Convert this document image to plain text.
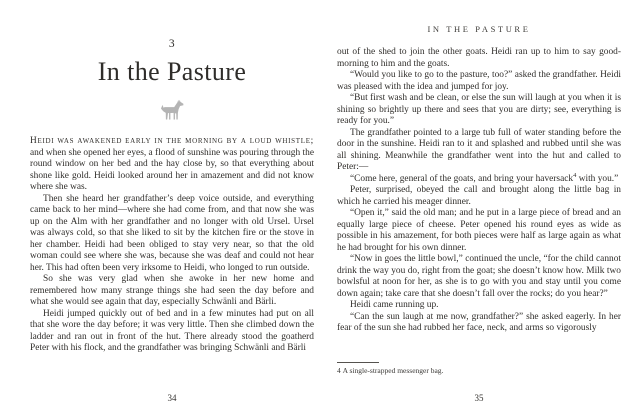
3
In the Pasture

Heidi was awakened early in the morning by a loud whistle; and when she opened her eyes, a flood of sunshine was pouring through the round window on her bed and the hay close by, so that everything about shone like gold. Heidi looked around her in amazement and did not know where she was.

Then she heard her grandfather’s deep voice outside, and everything came back to her mind—where she had come from, and that now she was up on the Alm with her grandfather and no longer with old Ursel. Ursel was always cold, so that she liked to sit by the kitchen fire or the stove in her chamber. Heidi had been obliged to stay very near, so that the old woman could see where she was, because she was deaf and could not hear her. This had often been very irksome to Heidi, who longed to run outside.

So she was very glad when she awoke in her new home and remembered how many strange things she had seen the day before and what she would see again that day, especially Schwänli and Bärli.

Heidi jumped quickly out of bed and in a few minutes had put on all that she wore the day before; it was very little. Then she climbed down the ladder and ran out in front of the hut. There already stood the goatherd Peter with his flock, and the grandfather was bringing Schwänli and Bärli

34
IN THE PASTURE

out of the shed to join the other goats. Heidi ran up to him to say good-morning to him and the goats.

“Would you like to go to the pasture, too?” asked the grandfather. Heidi was pleased with the idea and jumped for joy.

“But first wash and be clean, or else the sun will laugh at you when it is shining so brightly up there and sees that you are dirty; see, everything is ready for you.”

The grandfather pointed to a large tub full of water standing before the door in the sunshine. Heidi ran to it and splashed and rubbed until she was all shining. Meanwhile the grandfather went into the hut and called to Peter:—

“Come here, general of the goats, and bring your haversack$^4$ with you.”

Peter, surprised, obeyed the call and brought along the little bag in which he carried his meager dinner.

“Open it,” said the old man; and he put in a large piece of bread and an equally large piece of cheese. Peter opened his round eyes as wide as possible in his amazement, for both pieces were half as large again as what he had brought for his own dinner.

“Now in goes the little bowl,” continued the uncle, “for the child cannot drink the way you do, right from the goat; she doesn’t know how. Milk two bowlsful at noon for her, as she is to go with you and stay until you come down again; take care that she doesn’t fall over the rocks; do you hear?”

Heidi came running up.

“Can the sun laugh at me now, grandfather?” she asked eagerly. In her fear of the sun she had rubbed her face, neck, and arms so vigorously

4 A single-strapped messenger bag.
35
